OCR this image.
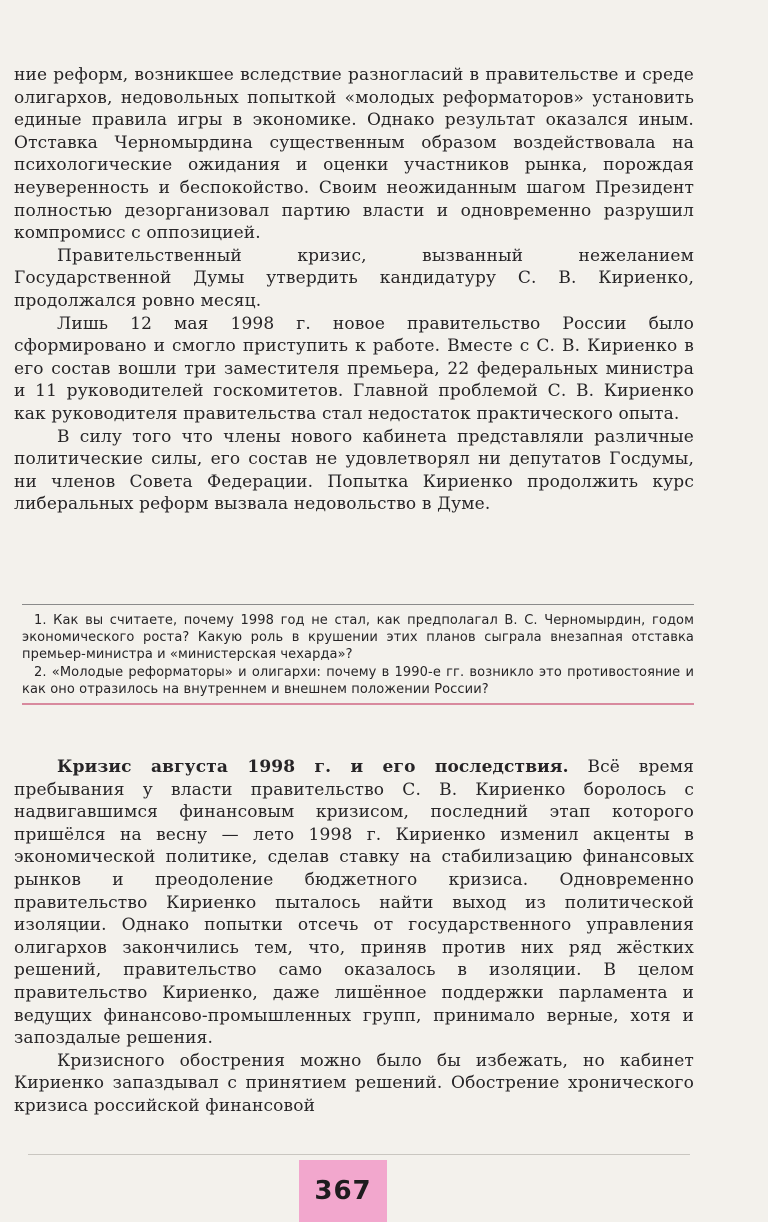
ние реформ, возникшее вследствие разногласий в правительстве и среде олигархов, недовольных попыткой «молодых реформаторов» установить единые правила игры в экономике. Однако результат оказался иным. Отставка Черномырдина существенным образом воздействовала на психологические ожидания и оценки участников рынка, порождая неуверенность и беспокойство. Своим неожиданным шагом Президент полностью дезорганизовал партию власти и одновременно разрушил компромисс с оппозицией.

Правительственный кризис, вызванный нежеланием Государственной Думы утвердить кандидатуру С. В. Кириенко, продолжался ровно месяц.

Лишь 12 мая 1998 г. новое правительство России было сформировано и смогло приступить к работе. Вместе с С. В. Кириенко в его состав вошли три заместителя премьера, 22 федеральных министра и 11 руководителей госкомитетов. Главной проблемой С. В. Кириенко как руководителя правительства стал недостаток практического опыта.

В силу того что члены нового кабинета представляли различные политические силы, его состав не удовлетворял ни депутатов Госдумы, ни членов Совета Федерации. Попытка Кириенко продолжить курс либеральных реформ вызвала недовольство в Думе.

1. Как вы считаете, почему 1998 год не стал, как предполагал В. С. Черномырдин, годом экономического роста? Какую роль в крушении этих планов сыграла внезапная отставка премьер-министра и «министерская чехарда»?

2. «Молодые реформаторы» и олигархи: почему в 1990-е гг. возникло это противостояние и как оно отразилось на внутреннем и внешнем положении России?

Кризис августа 1998 г. и его последствия. Всё время пребывания у власти правительство С. В. Кириенко боролось с надвигавшимся финансовым кризисом, последний этап которого пришёлся на весну — лето 1998 г. Кириенко изменил акценты в экономической политике, сделав ставку на стабилизацию финансовых рынков и преодоление бюджетного кризиса. Одновременно правительство Кириенко пыталось найти выход из политической изоляции. Однако попытки отсечь от государственного управления олигархов закончились тем, что, приняв против них ряд жёстких решений, правительство само оказалось в изоляции. В целом правительство Кириенко, даже лишённое поддержки парламента и ведущих финансово-промышленных групп, принимало верные, хотя и запоздалые решения.

Кризисного обострения можно было бы избежать, но кабинет Кириенко запаздывал с принятием решений. Обострение хронического кризиса российской финансовой

367
